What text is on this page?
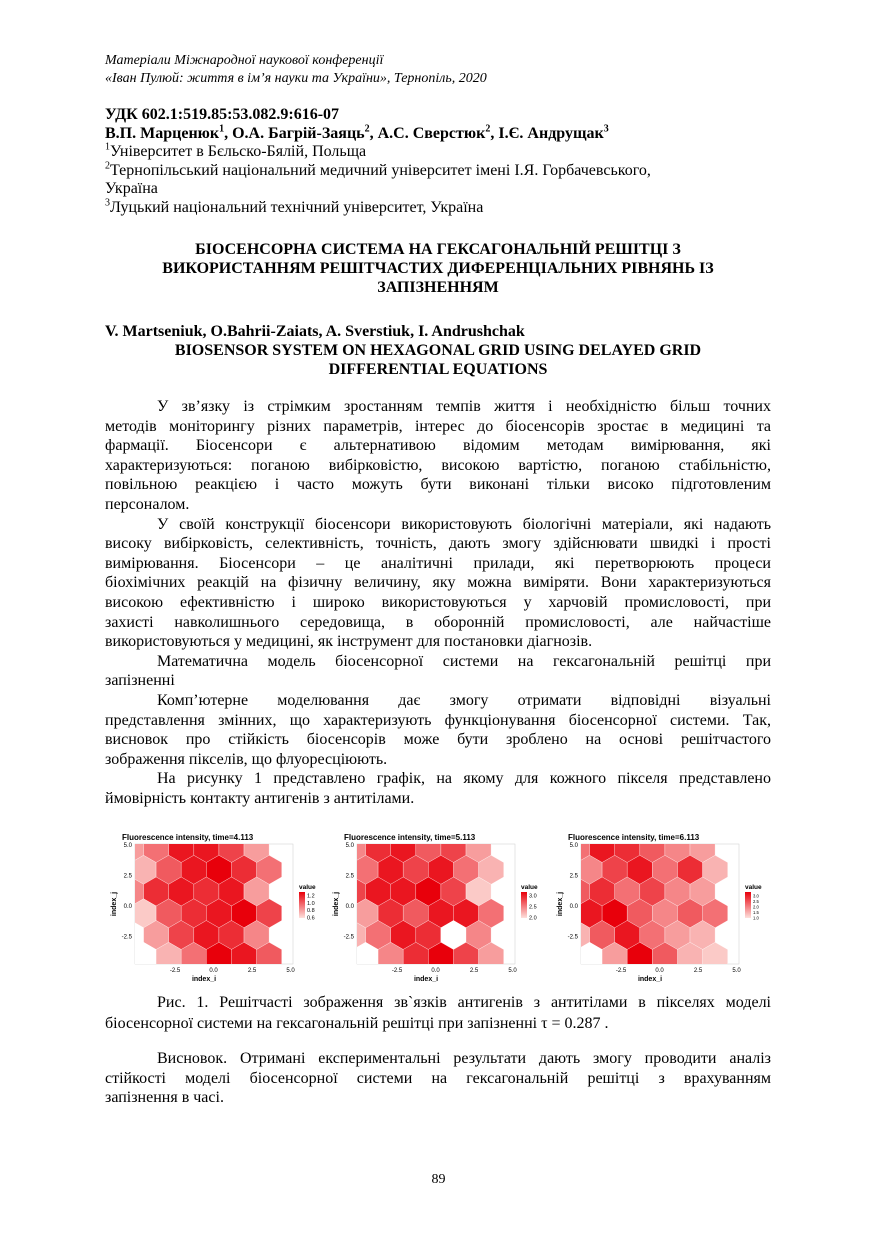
Матеріали Міжнародної наукової конференції
«Іван Пулюй: життя в ім’я науки та України», Тернопіль, 2020
УДК 602.1:519.85:53.082.9:616-07
В.П. Марценюк$^1$, О.А. Багрій-Заяць$^2$, А.С. Сверстюк$^2$, І.Є. Андрущак$^3$
$^1$Університет в Бєльско-Бялій, Польща
$^2$Тернопільський національний медичний університет імені І.Я. Горбачевського,
Україна
$^3$Луцький національний технічний університет, Україна
БІОСЕНСОРНА СИСТЕМА НА ГЕКСАГОНАЛЬНІЙ РЕШІТЦІ З
ВИКОРИСТАННЯМ РЕШІТЧАСТИХ ДИФЕРЕНЦІАЛЬНИХ РІВНЯНЬ ІЗ
ЗАПІЗНЕННЯМ
V. Martseniuk, O.Bahrii-Zaiats, A. Sverstiuk, I. Andrushchak
BIOSENSOR SYSTEM ON HEXAGONAL GRID USING DELAYED GRID
DIFFERENTIAL EQUATIONS
У зв’язку із стрімким зростанням темпів життя і необхідністю більш точних
методів моніторингу різних параметрів, інтерес до біосенсорів зростає в медицині та
фармації. Біосенсори є альтернативою відомим методам вимірювання, які
характеризуються: поганою вибірковістю, високою вартістю, поганою стабільністю,
повільною реакцією і часто можуть бути виконані тільки високо підготовленим
персоналом.
У своїй конструкції біосенсори використовують біологічні матеріали, які надають
високу вибірковість, селективність, точність, дають змогу здійснювати швидкі і прості
вимірювання. Біосенсори – це аналітичні прилади, які перетворюють процеси
біохімічних реакцій на фізичну величину, яку можна виміряти. Вони характеризуються
високою ефективністю і широко використовуються у харчовій промисловості, при
захисті навколишнього середовища, в оборонній промисловості, але найчастіше
використовуються у медицині, як інструмент для постановки діагнозів.
Математична модель біосенсорної системи на гексагональній решітці при
запізненні
Комп’ютерне моделювання дає змогу отримати відповідні візуальні
представлення змінних, що характеризують функціонування біосенсорної системи. Так,
висновок про стійкість біосенсорів може бути зроблено на основі решітчастого
зображення пікселів, що флуоресціюють.
На рисунку 1 представлено графік, на якому для кожного пікселя представлено
ймовірність контакту антигенів з антитілами.
Fluorescence intensity, time=4.113
5.0
2.5
0.0
-2.5
-2.5	0.0	2.5	5.0
index_i
index_j
value
1.2
1.0
0.8
0.6
Fluorescence intensity, time=5.113
5.0
2.5
0.0
-2.5
-2.5	0.0	2.5	5.0
index_i
index_j
value
3.0
2.5
2.0
Fluorescence intensity, time=6.113
5.0
2.5
0.0
-2.5
-2.5	0.0	2.5	5.0
index_i
index_j
value
3.0
2.5
2.0
1.5
1.0

Рис. 1. Решітчасті зображення зв`язків антигенів з антитілами в пікселях моделі

біосенсорної системи на гексагональній решітці при запізненні τ = 0.287 .

Висновок. Отримані експериментальні результати дають змогу проводити аналіз

стійкості моделі біосенсорної системи на гексагональній решітці з врахуванням
запізнення в часі.
89
